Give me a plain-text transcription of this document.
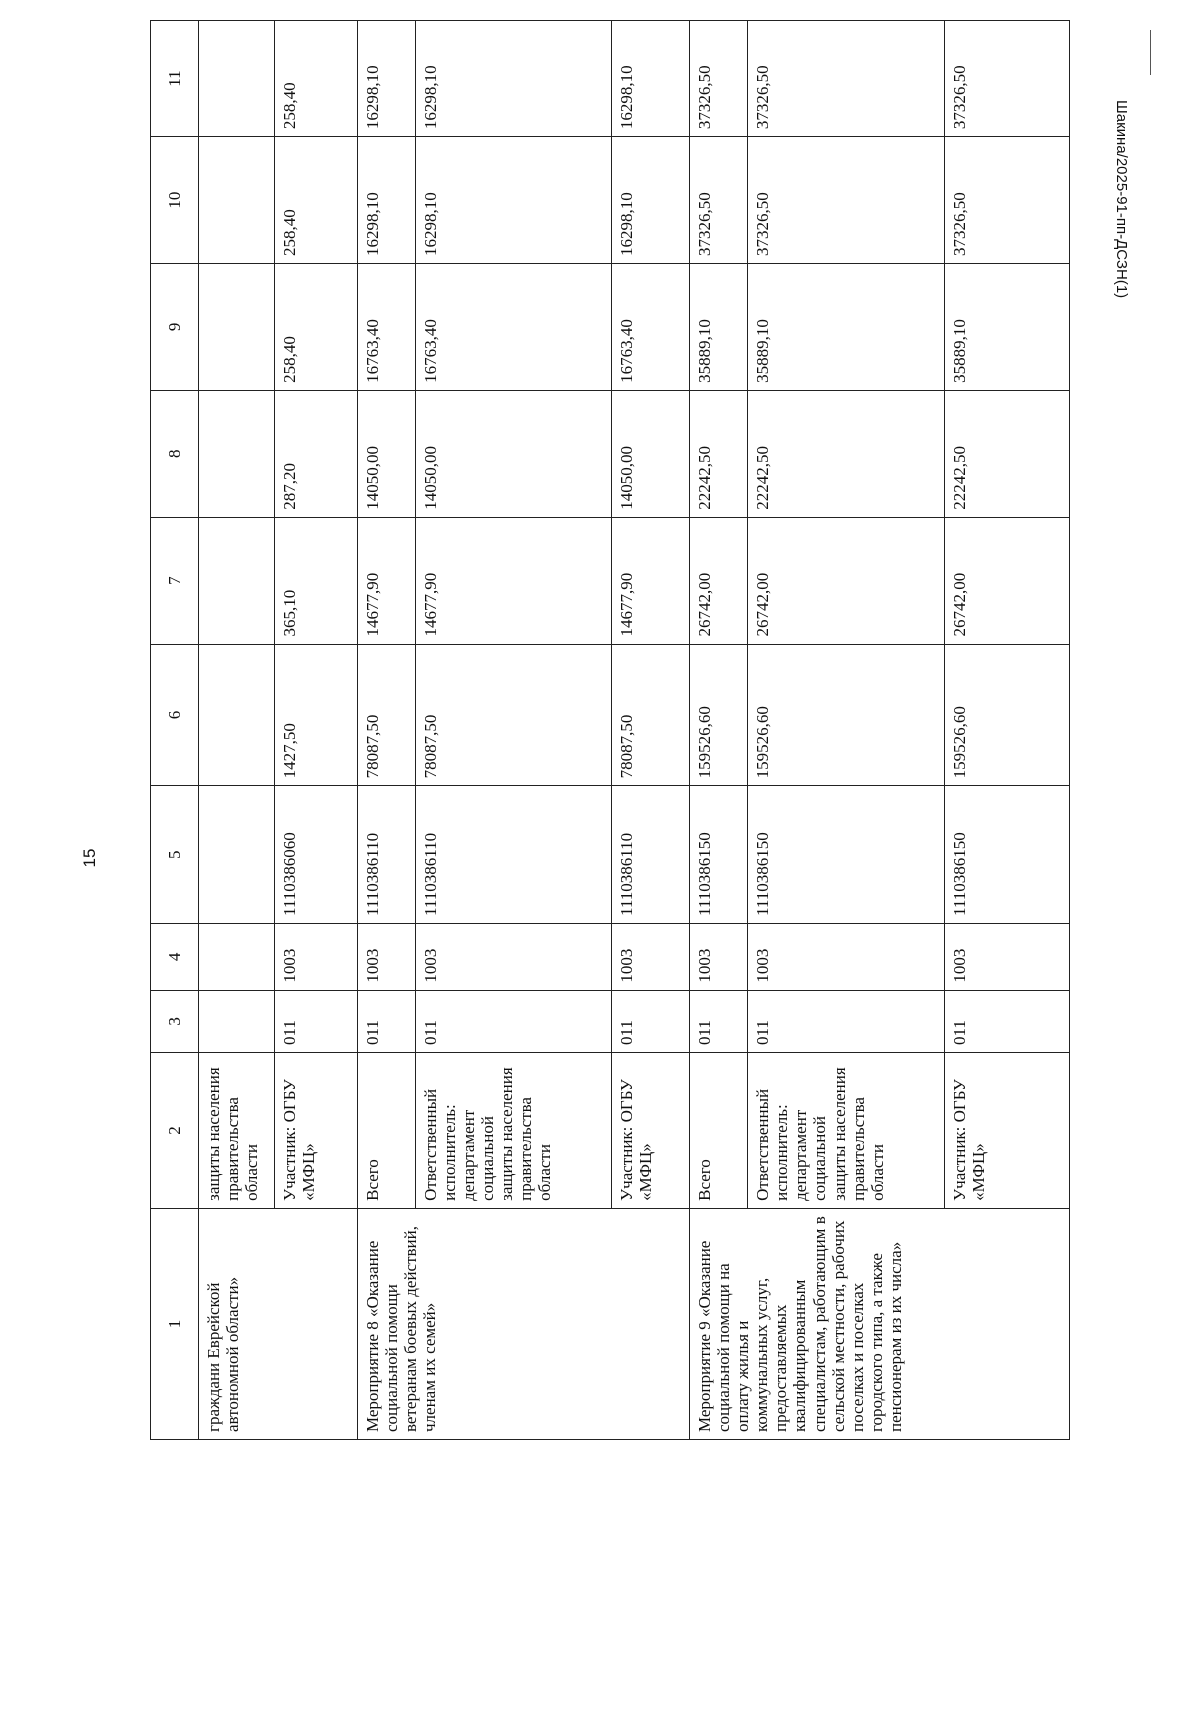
15
Шакина/2025-91-пп-ДСЗН(1)
1	2	3	4	5	6	7	8	9	10	11
граждани Еврейской автономной области»	защиты населения правительства области									
	Участник: ОГБУ «МФЦ»	011	1003	1110386060	1427,50	365,10	287,20	258,40	258,40	258,40
Мероприятие 8 «Оказание социальной помощи ветеранам боевых действий, членам их семей»	Всего	011	1003	1110386110	78087,50	14677,90	14050,00	16763,40	16298,10	16298,10
	Ответственный исполнитель: департамент социальной защиты населения правительства области	011	1003	1110386110	78087,50	14677,90	14050,00	16763,40	16298,10	16298,10
	Участник: ОГБУ «МФЦ»	011	1003	1110386110	78087,50	14677,90	14050,00	16763,40	16298,10	16298,10
Мероприятие 9 «Оказание социальной помощи на оплату жилья и коммунальных услуг, предоставляемых квалифицированным специалистам, работающим в сельской местности, рабочих поселках и поселках городского типа, а также пенсионерам из их числа»	Всего	011	1003	1110386150	159526,60	26742,00	22242,50	35889,10	37326,50	37326,50
	Ответственный исполнитель: департамент социальной защиты населения правительства области	011	1003	1110386150	159526,60	26742,00	22242,50	35889,10	37326,50	37326,50
	Участник: ОГБУ «МФЦ»	011	1003	1110386150	159526,60	26742,00	22242,50	35889,10	37326,50	37326,50
